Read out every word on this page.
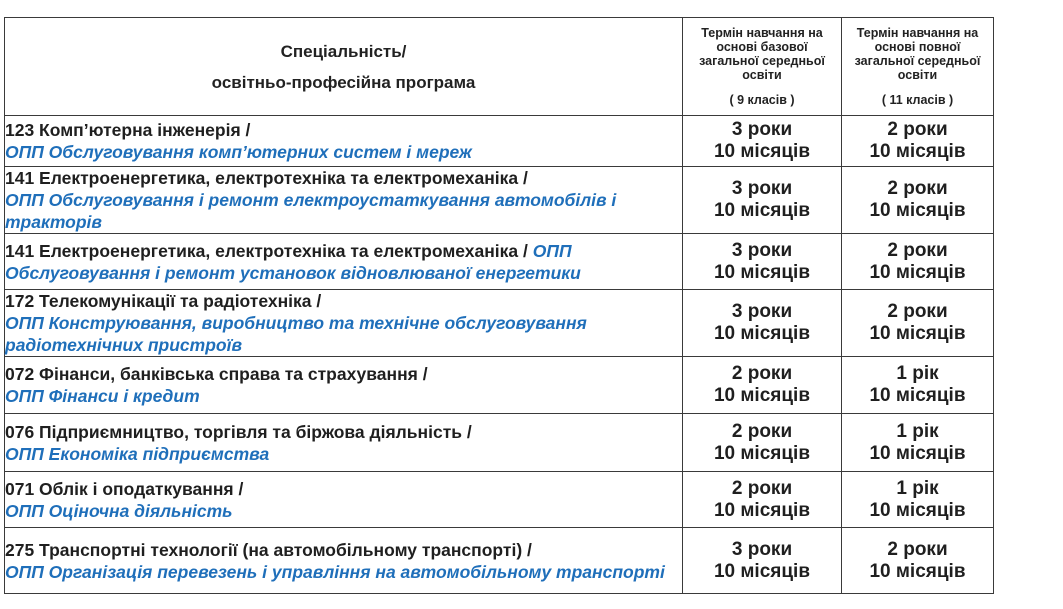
Спеціальність/
освітньо-професійна програма	Термін навчання на
основі базової
загальної середньої
освіти
( 9 класів )	Термін навчання на
основі повної
загальної середньої
освіти
( 11 класів )

123 Комп’ютерна інженерія /
ОПП Обслуговування комп’ютерних систем і мереж	3 роки
10 місяців	2 роки
10 місяців

141 Електроенергетика, електротехніка та електромеханіка /
ОПП Обслуговування і ремонт електроустаткування автомобілів і тракторів	3 роки
10 місяців	2 роки
10 місяців

141 Електроенергетика, електротехніка та електромеханіка / ОПП Обслуговування і ремонт установок відновлюваної енергетики	3 роки
10 місяців	2 роки
10 місяців

172 Телекомунікації та радіотехніка /
ОПП Конструювання, виробництво та технічне обслуговування радіотехнічних пристроїв	3 роки
10 місяців	2 роки
10 місяців

072 Фінанси, банківська справа та страхування /
ОПП Фінанси і кредит	2 роки
10 місяців	1 рік
10 місяців

076 Підприємництво, торгівля та біржова діяльність /
ОПП Економіка підприємства	2 роки
10 місяців	1 рік
10 місяців

071 Облік і оподаткування /
ОПП Оціночна діяльність	2 роки
10 місяців	1 рік
10 місяців

275 Транспортні технології (на автомобільному транспорті) /
ОПП Організація перевезень і управління на автомобільному транспорті	3 роки
10 місяців	2 роки
10 місяців
